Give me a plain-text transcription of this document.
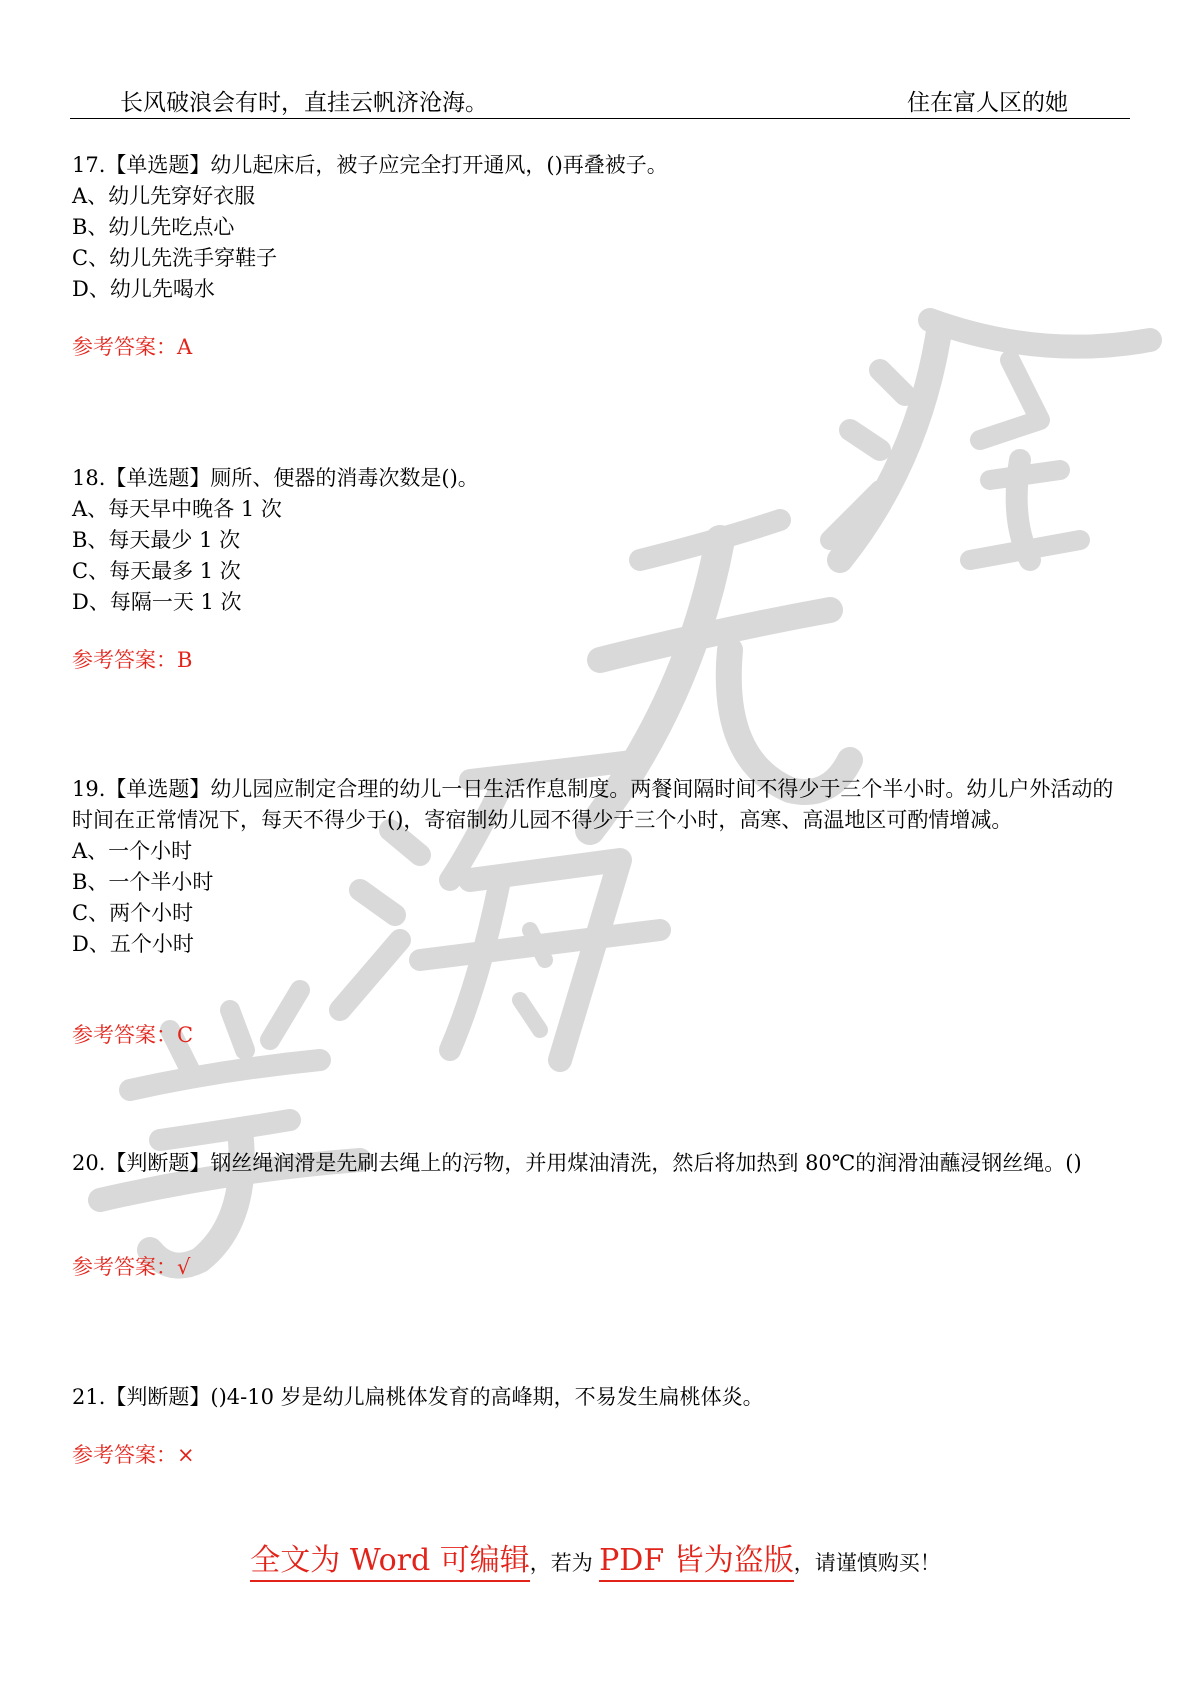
长风破浪会有时，直挂云帆济沧海。	住在富人区的她

17.【单选题】幼儿起床后，被子应完全打开通风，()再叠被子。

A、幼儿先穿好衣服

B、幼儿先吃点心

C、幼儿先洗手穿鞋子

D、幼儿先喝水

参考答案：A

18.【单选题】厕所、便器的消毒次数是()。

A、每天早中晚各 1 次

B、每天最少 1 次

C、每天最多 1 次

D、每隔一天 1 次

参考答案：B

19.【单选题】幼儿园应制定合理的幼儿一日生活作息制度。两餐间隔时间不得少于三个半小时。幼儿户外活动的时间在正常情况下，每天不得少于()，寄宿制幼儿园不得少于三个小时，高寒、高温地区可酌情增减。

A、一个小时

B、一个半小时

C、两个小时

D、五个小时

参考答案：C

20.【判断题】钢丝绳润滑是先刷去绳上的污物，并用煤油清洗，然后将加热到 80℃的润滑油蘸浸钢丝绳。()

参考答案：√

21.【判断题】()4-10 岁是幼儿扁桃体发育的高峰期，不易发生扁桃体炎。

参考答案：×

全文为 Word 可编辑，若为 PDF 皆为盗版，请谨慎购买！
